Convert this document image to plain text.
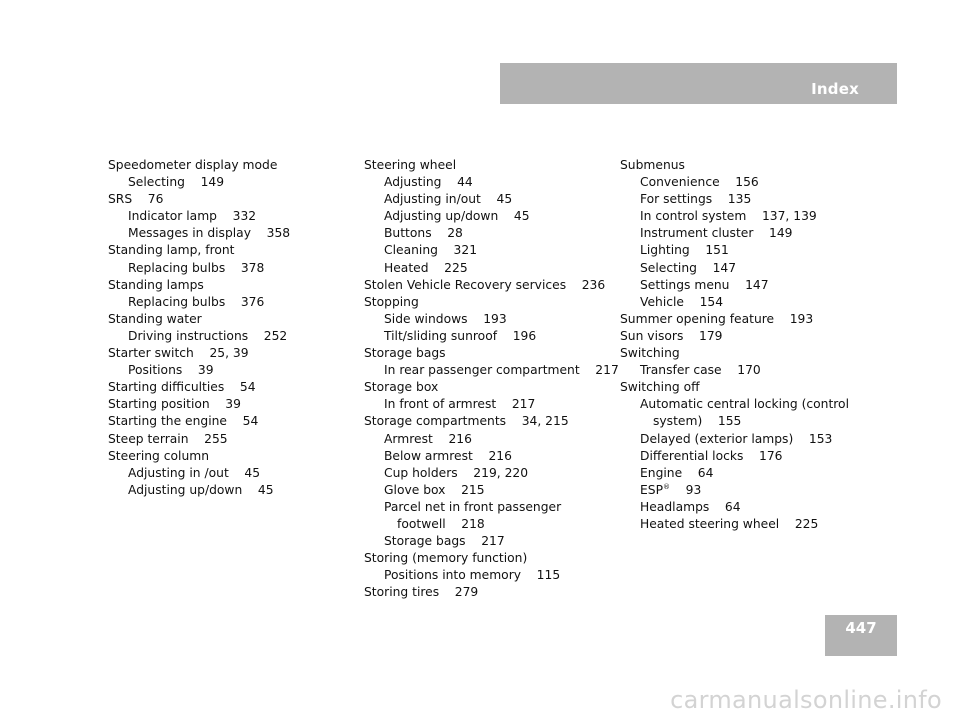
Index
Speedometer display mode
Selecting    149
SRS    76
Indicator lamp    332
Messages in display    358
Standing lamp, front
Replacing bulbs    378
Standing lamps
Replacing bulbs    376
Standing water
Driving instructions    252
Starter switch    25, 39
Positions    39
Starting difficulties    54
Starting position    39
Starting the engine    54
Steep terrain    255
Steering column
Adjusting in /out    45
Adjusting up/down    45
Steering wheel
Adjusting    44
Adjusting in/out    45
Adjusting up/down    45
Buttons    28
Cleaning    321
Heated    225
Stolen Vehicle Recovery services    236
Stopping
Side windows    193
Tilt/sliding sunroof    196
Storage bags
In rear passenger compartment    217
Storage box
In front of armrest    217
Storage compartments    34, 215
Armrest    216
Below armrest    216
Cup holders    219, 220
Glove box    215
Parcel net in front passenger
footwell    218
Storage bags    217
Storing (memory function)
Positions into memory    115
Storing tires    279
Submenus
Convenience    156
For settings    135
In control system    137, 139
Instrument cluster    149
Lighting    151
Selecting    147
Settings menu    147
Vehicle    154
Summer opening feature    193
Sun visors    179
Switching
Transfer case    170
Switching off
Automatic central locking (control
system)    155
Delayed (exterior lamps)    153
Differential locks    176
Engine    64
ESP®    93
Headlamps    64
Heated steering wheel    225
447
carmanualsonline.info
